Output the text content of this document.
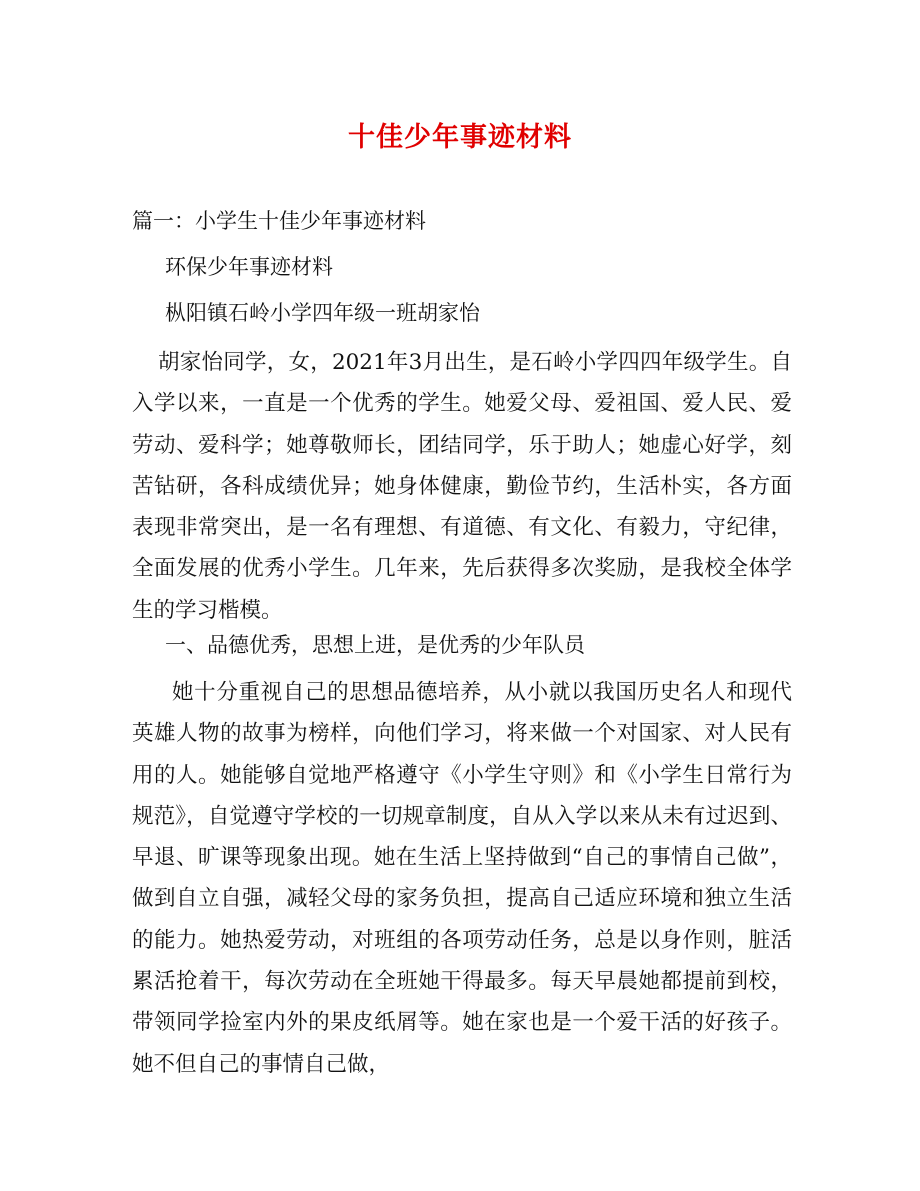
十佳少年事迹材料
篇一：小学生十佳少年事迹材料
环保少年事迹材料
枞阳镇石岭小学四年级一班胡家怡
胡家怡同学，女，2021年3月出生，是石岭小学四四年级学生。自入学以来，一直是一个优秀的学生。她爱父母、爱祖国、爱人民、爱劳动、爱科学；她尊敬师长，团结同学，乐于助人；她虚心好学，刻苦钻研，各科成绩优异；她身体健康，勤俭节约，生活朴实，各方面表现非常突出，是一名有理想、有道德、有文化、有毅力，守纪律，全面发展的优秀小学生。几年来，先后获得多次奖励，是我校全体学生的学习楷模。
一、品德优秀，思想上进，是优秀的少年队员
她十分重视自己的思想品德培养，从小就以我国历史名人和现代英雄人物的故事为榜样，向他们学习，将来做一个对国家、对人民有用的人。她能够自觉地严格遵守《小学生守则》和《小学生日常行为规范》，自觉遵守学校的一切规章制度，自从入学以来从未有过迟到、早退、旷课等现象出现。她在生活上坚持做到“自己的事情自己做”，做到自立自强，减轻父母的家务负担，提高自己适应环境和独立生活的能力。她热爱劳动，对班组的各项劳动任务，总是以身作则，脏活累活抢着干，每次劳动在全班她干得最多。每天早晨她都提前到校，带领同学捡室内外的果皮纸屑等。她在家也是一个爱干活的好孩子。她不但自己的事情自己做，
